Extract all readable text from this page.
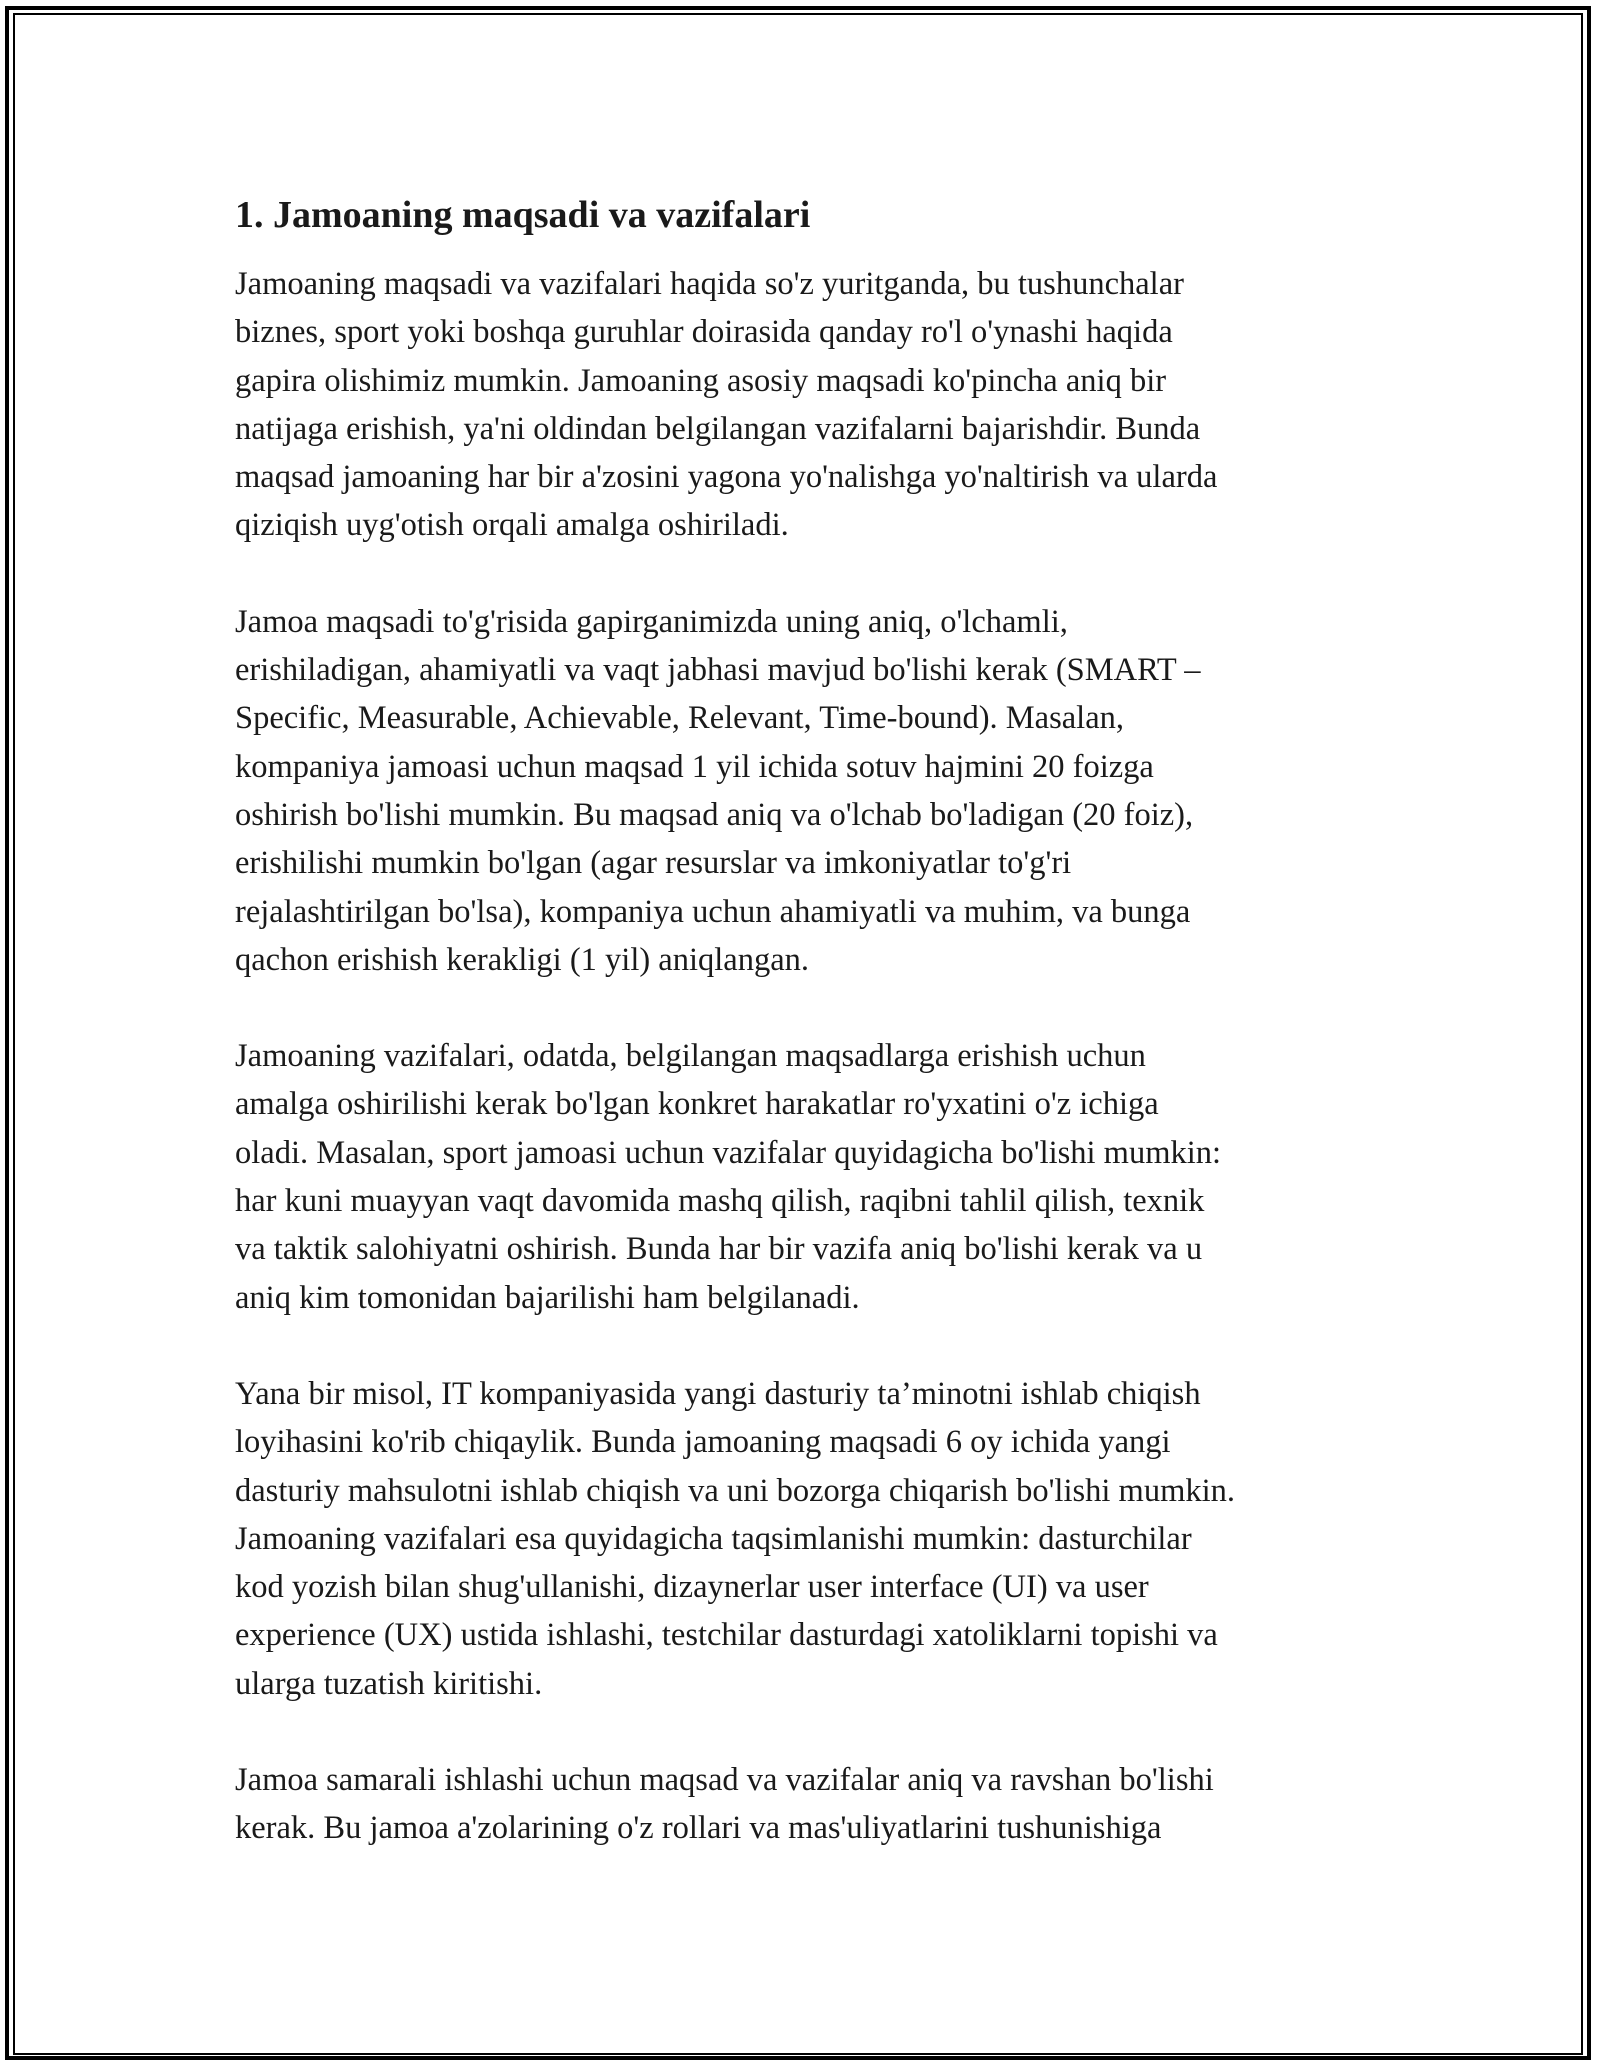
1. Jamoaning maqsadi va vazifalari

Jamoaning maqsadi va vazifalari haqida so'z yuritganda, bu tushunchalar
biznes, sport yoki boshqa guruhlar doirasida qanday ro'l o'ynashi haqida
gapira olishimiz mumkin. Jamoaning asosiy maqsadi ko'pincha aniq bir
natijaga erishish, ya'ni oldindan belgilangan vazifalarni bajarishdir. Bunda
maqsad jamoaning har bir a'zosini yagona yo'nalishga yo'naltirish va ularda
qiziqish uyg'otish orqali amalga oshiriladi.

Jamoa maqsadi to'g'risida gapirganimizda uning aniq, o'lchamli,
erishiladigan, ahamiyatli va vaqt jabhasi mavjud bo'lishi kerak (SMART –
Specific, Measurable, Achievable, Relevant, Time-bound). Masalan,
kompaniya jamoasi uchun maqsad 1 yil ichida sotuv hajmini 20 foizga
oshirish bo'lishi mumkin. Bu maqsad aniq va o'lchab bo'ladigan (20 foiz),
erishilishi mumkin bo'lgan (agar resurslar va imkoniyatlar to'g'ri
rejalashtirilgan bo'lsa), kompaniya uchun ahamiyatli va muhim, va bunga
qachon erishish kerakligi (1 yil) aniqlangan.

Jamoaning vazifalari, odatda, belgilangan maqsadlarga erishish uchun
amalga oshirilishi kerak bo'lgan konkret harakatlar ro'yxatini o'z ichiga
oladi. Masalan, sport jamoasi uchun vazifalar quyidagicha bo'lishi mumkin:
har kuni muayyan vaqt davomida mashq qilish, raqibni tahlil qilish, texnik
va taktik salohiyatni oshirish. Bunda har bir vazifa aniq bo'lishi kerak va u
aniq kim tomonidan bajarilishi ham belgilanadi.

Yana bir misol, IT kompaniyasida yangi dasturiy ta’minotni ishlab chiqish
loyihasini ko'rib chiqaylik. Bunda jamoaning maqsadi 6 oy ichida yangi
dasturiy mahsulotni ishlab chiqish va uni bozorga chiqarish bo'lishi mumkin.
Jamoaning vazifalari esa quyidagicha taqsimlanishi mumkin: dasturchilar
kod yozish bilan shug'ullanishi, dizaynerlar user interface (UI) va user
experience (UX) ustida ishlashi, testchilar dasturdagi xatoliklarni topishi va
ularga tuzatish kiritishi.

Jamoa samarali ishlashi uchun maqsad va vazifalar aniq va ravshan bo'lishi
kerak. Bu jamoa a'zolarining o'z rollari va mas'uliyatlarini tushunishiga
